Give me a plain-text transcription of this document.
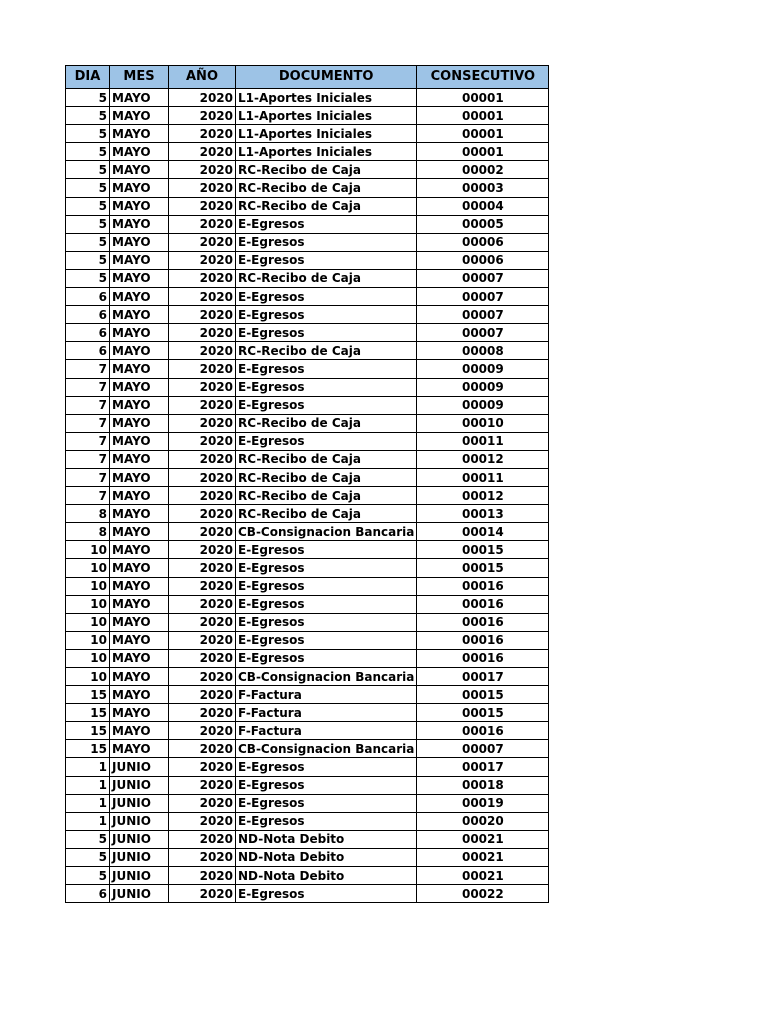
DIA	MES	AÑO	DOCUMENTO	CONSECUTIVO
5	MAYO	2020	L1-Aportes Iniciales	00001
5	MAYO	2020	L1-Aportes Iniciales	00001
5	MAYO	2020	L1-Aportes Iniciales	00001
5	MAYO	2020	L1-Aportes Iniciales	00001
5	MAYO	2020	RC-Recibo de Caja	00002
5	MAYO	2020	RC-Recibo de Caja	00003
5	MAYO	2020	RC-Recibo de Caja	00004
5	MAYO	2020	E-Egresos	00005
5	MAYO	2020	E-Egresos	00006
5	MAYO	2020	E-Egresos	00006
5	MAYO	2020	RC-Recibo de Caja	00007
6	MAYO	2020	E-Egresos	00007
6	MAYO	2020	E-Egresos	00007
6	MAYO	2020	E-Egresos	00007
6	MAYO	2020	RC-Recibo de Caja	00008
7	MAYO	2020	E-Egresos	00009
7	MAYO	2020	E-Egresos	00009
7	MAYO	2020	E-Egresos	00009
7	MAYO	2020	RC-Recibo de Caja	00010
7	MAYO	2020	E-Egresos	00011
7	MAYO	2020	RC-Recibo de Caja	00012
7	MAYO	2020	RC-Recibo de Caja	00011
7	MAYO	2020	RC-Recibo de Caja	00012
8	MAYO	2020	RC-Recibo de Caja	00013
8	MAYO	2020	CB-Consignacion Bancaria	00014
10	MAYO	2020	E-Egresos	00015
10	MAYO	2020	E-Egresos	00015
10	MAYO	2020	E-Egresos	00016
10	MAYO	2020	E-Egresos	00016
10	MAYO	2020	E-Egresos	00016
10	MAYO	2020	E-Egresos	00016
10	MAYO	2020	E-Egresos	00016
10	MAYO	2020	CB-Consignacion Bancaria	00017
15	MAYO	2020	F-Factura	00015
15	MAYO	2020	F-Factura	00015
15	MAYO	2020	F-Factura	00016
15	MAYO	2020	CB-Consignacion Bancaria	00007
1	JUNIO	2020	E-Egresos	00017
1	JUNIO	2020	E-Egresos	00018
1	JUNIO	2020	E-Egresos	00019
1	JUNIO	2020	E-Egresos	00020
5	JUNIO	2020	ND-Nota Debito	00021
5	JUNIO	2020	ND-Nota Debito	00021
5	JUNIO	2020	ND-Nota Debito	00021
6	JUNIO	2020	E-Egresos	00022
